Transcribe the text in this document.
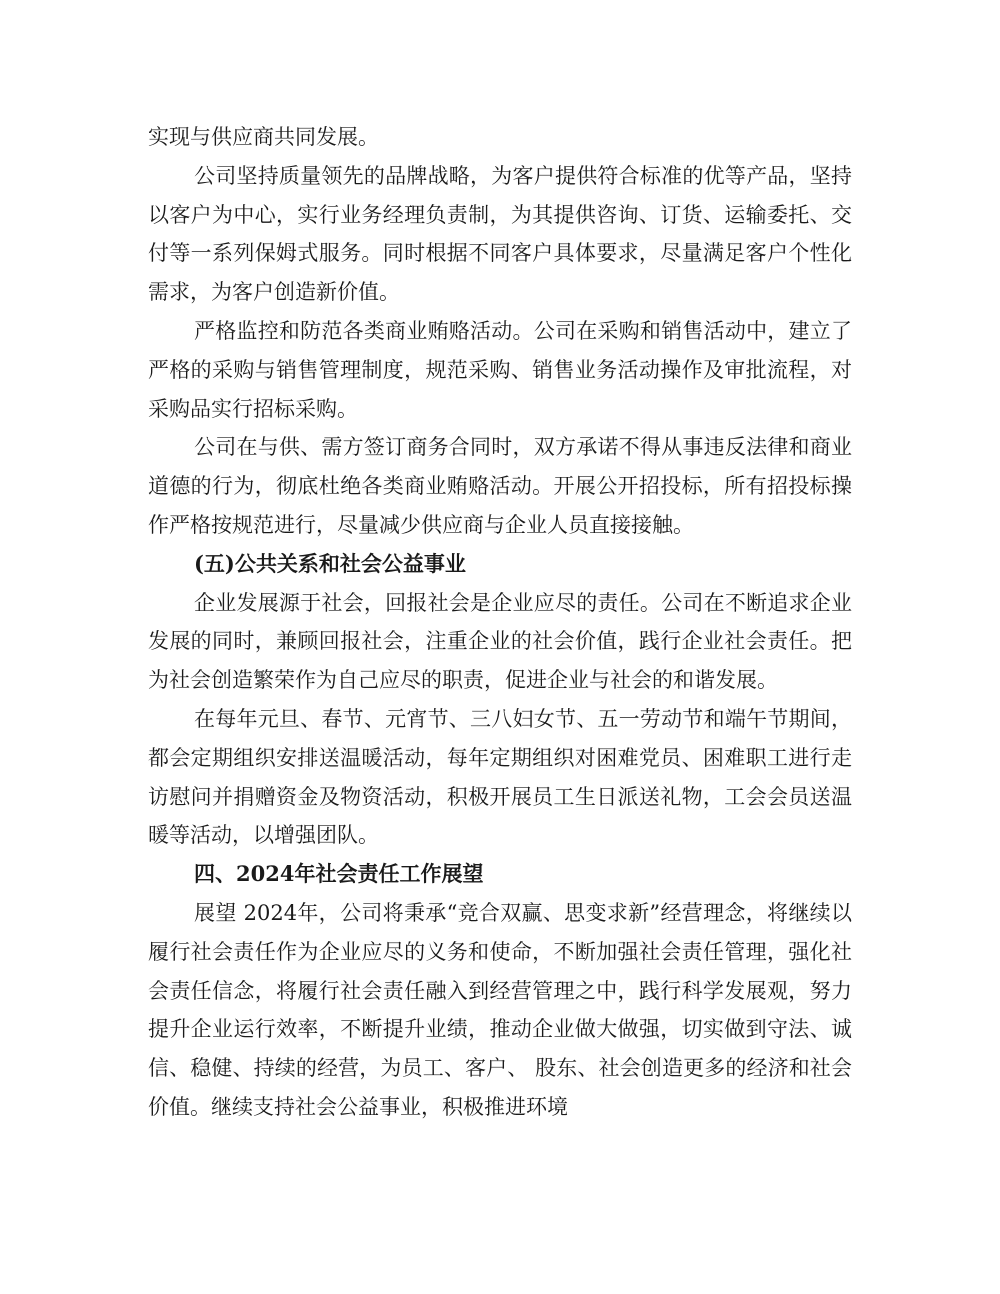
实现与供应商共同发展。

公司坚持质量领先的品牌战略，为客户提供符合标准的优等产品，坚持以客户为中心，实行业务经理负责制，为其提供咨询、订货、运输委托、交付等一系列保姆式服务。同时根据不同客户具体要求，尽量满足客户个性化需求，为客户创造新价值。

严格监控和防范各类商业贿赂活动。公司在采购和销售活动中，建立了严格的采购与销售管理制度，规范采购、销售业务活动操作及审批流程，对采购品实行招标采购。

公司在与供、需方签订商务合同时，双方承诺不得从事违反法律和商业道德的行为，彻底杜绝各类商业贿赂活动。开展公开招投标，所有招投标操作严格按规范进行，尽量减少供应商与企业人员直接接触。

(五)公共关系和社会公益事业

企业发展源于社会，回报社会是企业应尽的责任。公司在不断追求企业发展的同时，兼顾回报社会，注重企业的社会价值，践行企业社会责任。把为社会创造繁荣作为自己应尽的职责，促进企业与社会的和谐发展。

在每年元旦、春节、元宵节、三八妇女节、五一劳动节和端午节期间，都会定期组织安排送温暖活动，每年定期组织对困难党员、困难职工进行走访慰问并捐赠资金及物资活动，积极开展员工生日派送礼物，工会会员送温暖等活动，以增强团队。

四、2024年社会责任工作展望

展望 2024年，公司将秉承“竞合双赢、思变求新”经营理念，将继续以履行社会责任作为企业应尽的义务和使命，不断加强社会责任管理，强化社会责任信念，将履行社会责任融入到经营管理之中，践行科学发展观，努力提升企业运行效率，不断提升业绩，推动企业做大做强，切实做到守法、诚信、稳健、持续的经营，为员工、客户、 股东、社会创造更多的经济和社会价值。继续支持社会公益事业，积极推进环境
